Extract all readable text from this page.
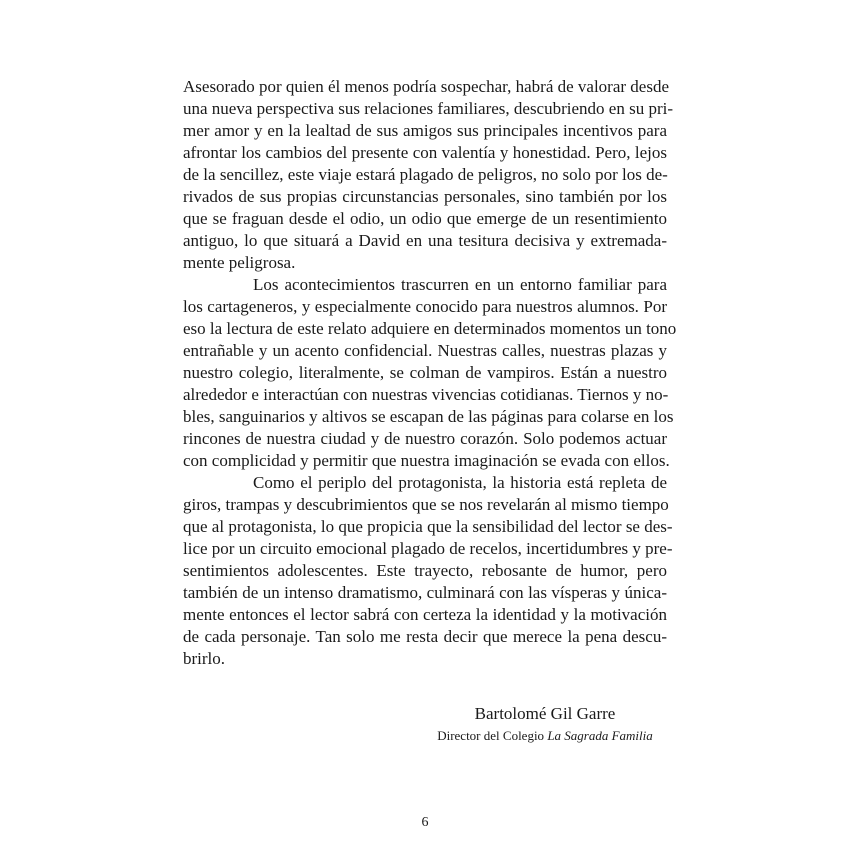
Asesorado por quien él menos podría sospechar, habrá de valorar desde
una nueva perspectiva sus relaciones familiares, descubriendo en su pri-
mer amor y en la lealtad de sus amigos sus principales incentivos para
afrontar los cambios del presente con valentía y honestidad. Pero, lejos
de la sencillez, este viaje estará plagado de peligros, no solo por los de-
rivados de sus propias circunstancias personales, sino también por los
que se fraguan desde el odio, un odio que emerge de un resentimiento
antiguo, lo que situará a David en una tesitura decisiva y extremada-
mente peligrosa.
Los acontecimientos trascurren en un entorno familiar para
los cartageneros, y especialmente conocido para nuestros alumnos. Por
eso la lectura de este relato adquiere en determinados momentos un tono
entrañable y un acento confidencial. Nuestras calles, nuestras plazas y
nuestro colegio, literalmente, se colman de vampiros. Están a nuestro
alrededor e interactúan con nuestras vivencias cotidianas. Tiernos y no-
bles, sanguinarios y altivos se escapan de las páginas para colarse en los
rincones de nuestra ciudad y de nuestro corazón. Solo podemos actuar
con complicidad y permitir que nuestra imaginación se evada con ellos.
Como el periplo del protagonista, la historia está repleta de
giros, trampas y descubrimientos que se nos revelarán al mismo tiempo
que al protagonista, lo que propicia que la sensibilidad del lector se des-
lice por un circuito emocional plagado de recelos, incertidumbres y pre-
sentimientos adolescentes. Este trayecto, rebosante de humor, pero
también de un intenso dramatismo, culminará con las vísperas y única-
mente entonces el lector sabrá con certeza la identidad y la motivación
de cada personaje. Tan solo me resta decir que merece la pena descu-
brirlo.
Bartolomé Gil Garre
Director del Colegio La Sagrada Familia
6
